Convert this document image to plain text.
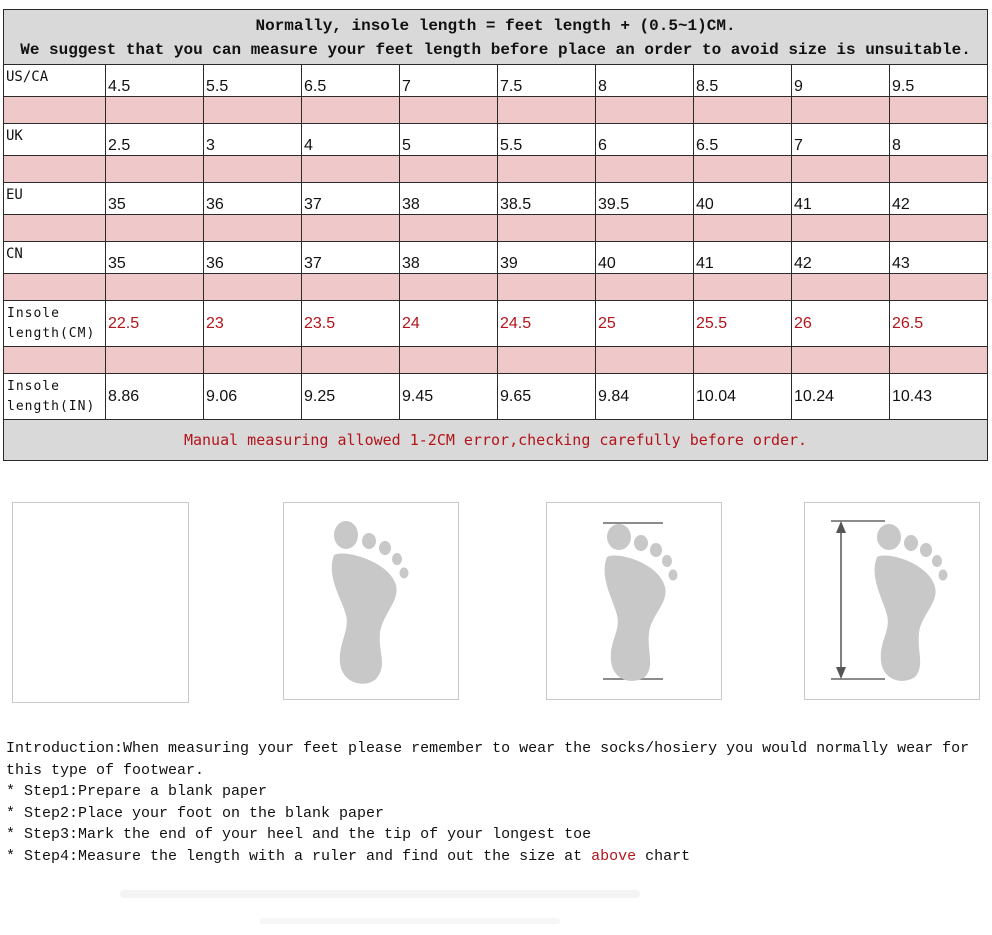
Normally, insole length = feet length + (0.5~1)CM.
We suggest that you can measure your feet length before place an order to avoid size is unsuitable.									

US/CA	4.5	5.5	6.5	7	7.5	8	8.5	9	9.5

UK	2.5	3	4	5	5.5	6	6.5	7	8

EU	35	36	37	38	38.5	39.5	40	41	42

CN	35	36	37	38	39	40	41	42	43

Insole
length(CM)	22.5	23	23.5	24	24.5	25	25.5	26	26.5

Insole
length(IN)	8.86	9.06	9.25	9.45	9.65	9.84	10.04	10.24	10.43
Manual measuring allowed 1-2CM error,checking carefully before order.									
Introduction:When measuring your feet please remember to wear the socks/hosiery you would normally wear for this type of footwear.
* Step1:Prepare a blank paper
* Step2:Place your foot on the blank paper
* Step3:Mark the end of your heel and the tip of your longest toe
* Step4:Measure the length with a ruler and find out the size at above chart
